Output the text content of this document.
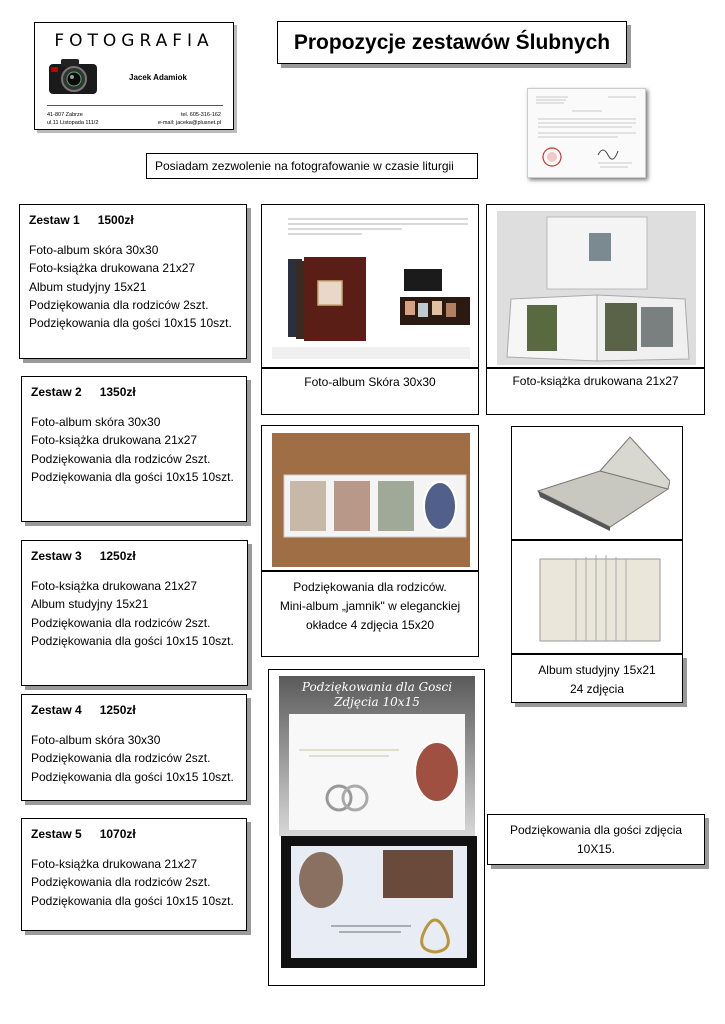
FOTOGRAFIA
Jacek Adamiok
41-807 Zabrze
ul.11 Listopada 111/2
tel. 605-316-162
e-mail: jaceka@plusnet.pl
Propozycje zestawów Ślubnych
Posiadam zezwolenie na fotografowanie w czasie liturgii
Zestaw 1 1500zł
Foto-album skóra 30x30
Foto-książka drukowana 21x27
Album studyjny 15x21
Podziękowania dla rodziców 2szt.
Podziękowania dla gości 10x15 10szt.
Zestaw 2 1350zł
Foto-album skóra 30x30
Foto-książka drukowana 21x27
Podziękowania dla rodziców 2szt.
Podziękowania dla gości 10x15 10szt.
Zestaw 3 1250zł
Foto-książka drukowana 21x27
Album studyjny 15x21
Podziękowania dla rodziców 2szt.
Podziękowania dla gości 10x15 10szt.
Zestaw 4 1250zł
Foto-album skóra 30x30
Podziękowania dla rodziców 2szt.
Podziękowania dla gości 10x15 10szt.
Zestaw 5 1070zł
Foto-książka drukowana 21x27
Podziękowania dla rodziców 2szt.
Podziękowania dla gości 10x15 10szt.
Foto-album Skóra 30x30	Foto-książka drukowana 21x27
Podziękowania dla rodziców.
Mini-album „jamnik" w eleganckiej
okładce 4 zdjęcia 15x20
Album studyjny 15x21
24 zdjęcia
Podziękowania dla Gosci
Zdjęcia 10x15
Podziękowania dla gości zdjęcia
10X15.
